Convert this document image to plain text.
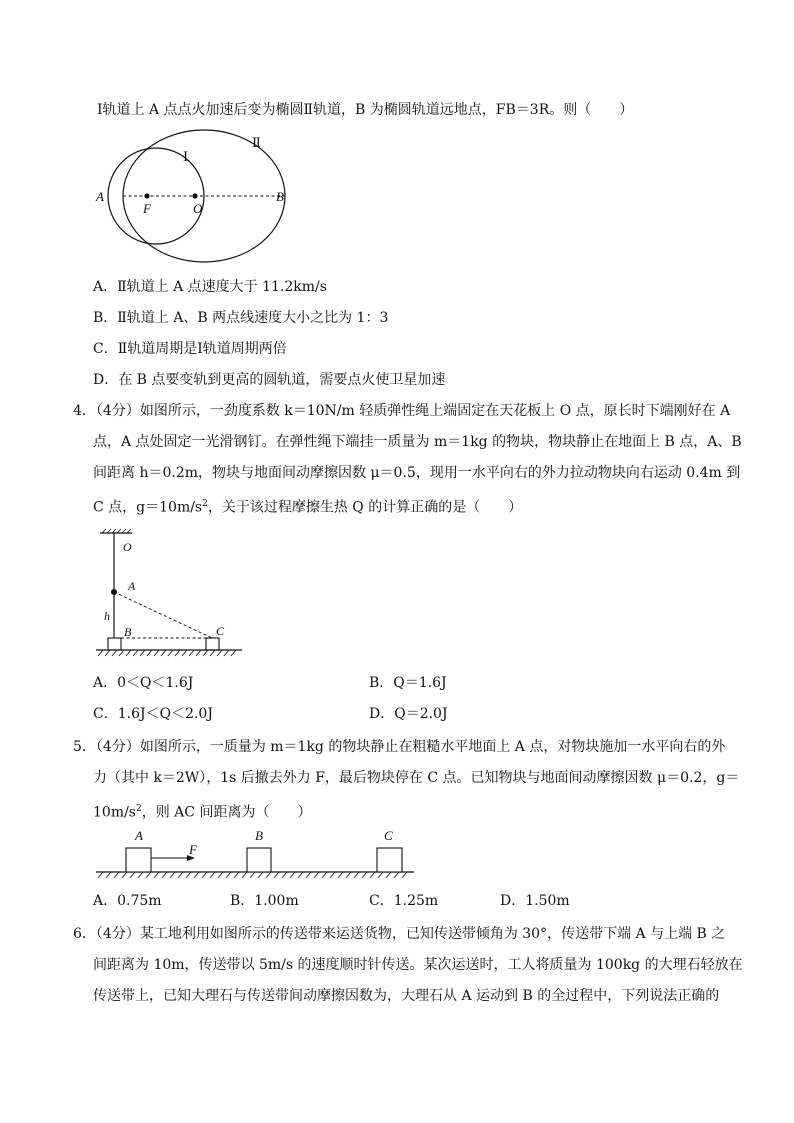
Ⅰ轨道上 A 点点火加速后变为椭圆Ⅱ轨道，B 为椭圆轨道远地点，FB＝3R。则（　　）
A	B
F	O
Ⅰ
Ⅱ
A．Ⅱ轨道上 A 点速度大于 11.2km/s
B．Ⅱ轨道上 A、B 两点线速度大小之比为 1：3
C．Ⅱ轨道周期是Ⅰ轨道周期两倍
D．在 B 点要变轨到更高的圆轨道，需要点火使卫星加速
4．（4分）如图所示，一劲度系数 k＝10N/m 轻质弹性绳上端固定在天花板上 O 点，原长时下端刚好在 A
点，A 点处固定一光滑钢钉。在弹性绳下端挂一质量为 m＝1kg 的物块，物块静止在地面上 B 点，A、B
间距离 h＝0.2m，物块与地面间动摩擦因数 μ＝0.5，现用一水平向右的外力拉动物块向右运动 0.4m 到
C 点，$g=10m/s^2$，关于该过程摩擦生热 Q 的计算正确的是（　　）
O
A
h
B	C
A．0＜Q＜1.6J	B．Q＝1.6J
C．1.6J＜Q＜2.0J	D．Q＝2.0J
5．（4分）如图所示，一质量为 m＝1kg 的物块静止在粗糙水平地面上 A 点，对物块施加一水平向右的外
力（其中 k＝2W），1s 后撤去外力 F，最后物块停在 C 点。已知物块与地面间动摩擦因数 μ＝0.2，g＝
$10m/s^2$，则 AC 间距离为（　　）
A	B	C
F
A．0.75m	B．1.00m	C．1.25m	D．1.50m
6．（4分）某工地利用如图所示的传送带来运送货物，已知传送带倾角为 30°，传送带下端 A 与上端 B 之
间距离为 10m，传送带以 5m/s 的速度顺时针传送。某次运送时，工人将质量为 100kg 的大理石轻放在
传送带上，已知大理石与传送带间动摩擦因数为，大理石从 A 运动到 B 的全过程中，下列说法正确的
